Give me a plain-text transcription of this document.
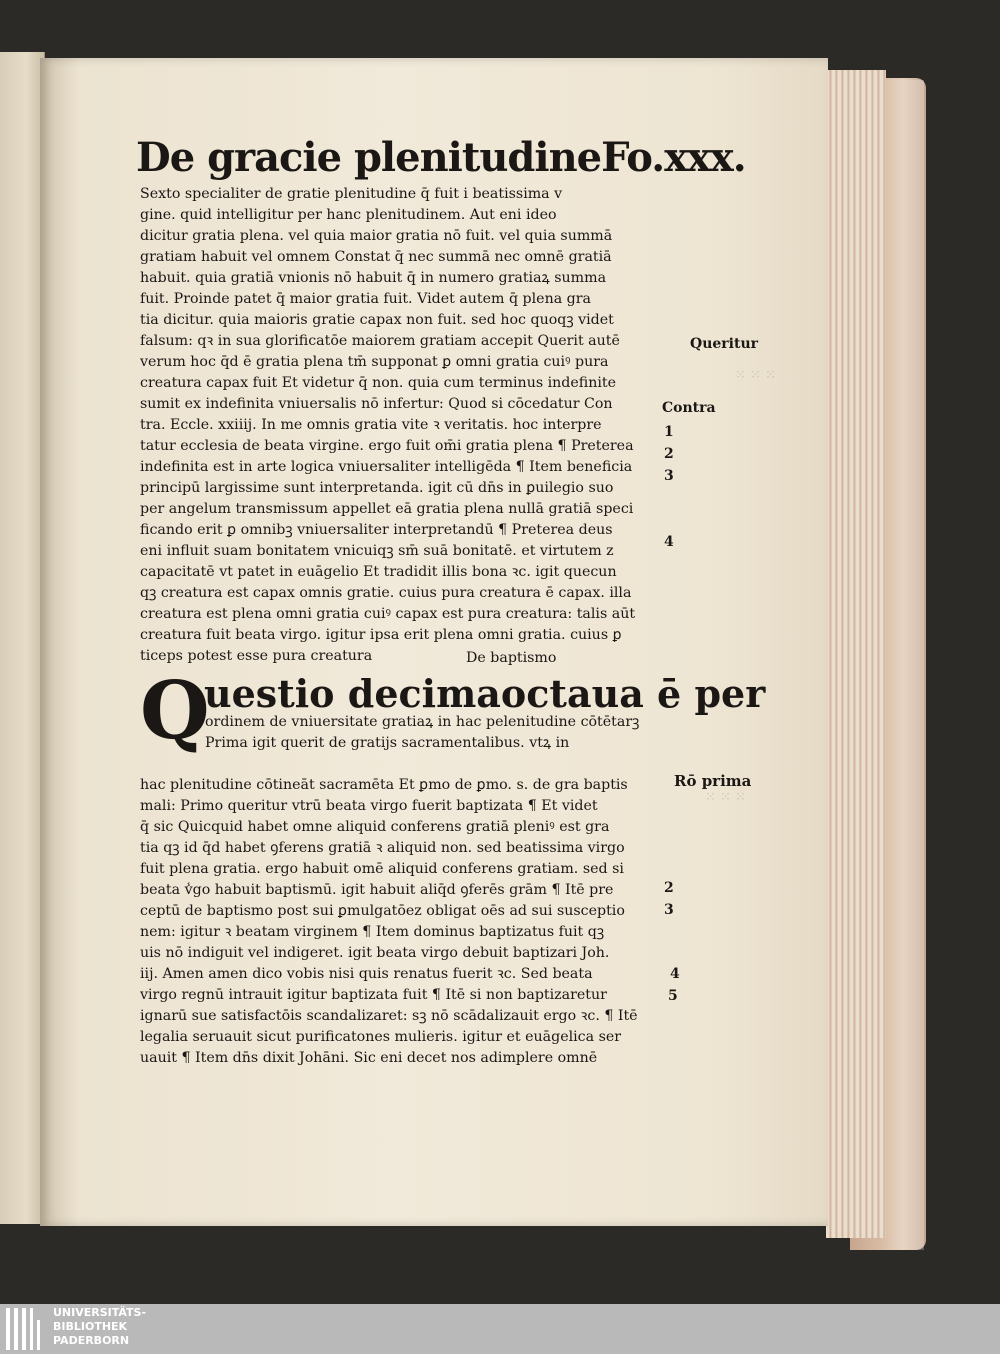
⁙ ⁙ ⁙
⁙ ⁙ ⁙
De gracie plenitudine Fo.xxx.
Sexto specialiter de gratie plenitudine q̄ fuit i beatissima v
gine. quid intelligitur per hanc plenitudinem. Aut eni ideo
dicitur gratia plena. vel quia maior gratia nō fuit. vel quia summā
gratiam habuit vel omnem Constat q̄ nec summā nec omnē gratiā
habuit. quia gratiā vnionis nō habuit q̄ in numero gratiaꝝ summa
fuit. Proinde patet q̄ maior gratia fuit. Videt autem q̄ plena gra
tia dicitur. quia maioris gratie capax non fuit. sed hoc quoqꝫ videt
falsum: qꝛ in sua glorificatōe maiorem gratiam accepit Querit autē
verum hoc q̄d ē gratia plena tm̄ supponat ꝑ omni gratia cuiꝰ pura
creatura capax fuit Et videtur q̄ non. quia cum terminus indefinite
sumit ex indefinita vniuersalis nō infertur: Quod si cōcedatur Con
tra. Eccle. xxiiij. In me omnis gratia vite ꝛ veritatis. hoc interpre
tatur ecclesia de beata virgine. ergo fuit om̄i gratia plena ¶ Preterea
indefinita est in arte logica vniuersaliter intelligēda ¶ Item beneficia
principū largissime sunt interpretanda. igit cū dn̄s in ꝑuilegio suo
per angelum transmissum appellet eā gratia plena nullā gratiā speci
ficando erit ꝑ omnibꝫ vniuersaliter interpretandū ¶ Preterea deus
eni influit suam bonitatem vnicuiqꝫ sm̄ suā bonitatē. et virtutem z
capacitatē vt patet in euāgelio Et tradidit illis bona ꝛc. igit quecun
qꝫ creatura est capax omnis gratie. cuius pura creatura ē capax. illa
creatura est plena omni gratia cuiꝰ capax est pura creatura: talis aūt
creatura fuit beata virgo. igitur ipsa erit plena omni gratia. cuius ꝑ
ticeps potest esse pura creatura	De baptismo
Q
uestio decimaoctaua ē per
ordinem de vniuersitate gratiaꝝ in hac pelenitudine cōtētarꝫ Prima igit querit de gratijs sacramentalibus. vtꝝ in
hac plenitudine cōtineāt sacramēta Et ꝑmo de ꝑmo. s. de gra baptis
mali: Primo queritur vtrū beata virgo fuerit baptizata ¶ Et videt
q̄ sic Quicquid habet omne aliquid conferens gratiā pleniꝰ est gra
tia qꝫ id q̄d habet ꝯferens gratiā ꝛ aliquid non. sed beatissima virgo
fuit plena gratia. ergo habuit omē aliquid conferens gratiam. sed si
beata v̾go habuit baptismū. igit habuit aliq̄d ꝯferēs grām ¶ Itē pre
ceptū de baptismo post sui ꝑmulgatōez obligat oēs ad sui susceptio
nem: igitur ꝛ beatam virginem ¶ Item dominus baptizatus fuit qꝫ
uis nō indiguit vel indigeret. igit beata virgo debuit baptizari Joh.
iij. Amen amen dico vobis nisi quis renatus fuerit ꝛc. Sed beata
virgo regnū intrauit igitur baptizata fuit ¶ Itē si non baptizaretur
ignarū sue satisfactōis scandalizaret: sꝫ nō scādalizauit ergo ꝛc. ¶ Itē
legalia seruauit sicut purificatones mulieris. igitur et euāgelica ser
uauit ¶ Item dn̄s dixit Johāni. Sic eni decet nos adimplere omnē
Queritur
Contra
1
2
3
4
Rō prima
2
3
4
5
UNIVERSITÄTS-
BIBLIOTHEK
PADERBORN
